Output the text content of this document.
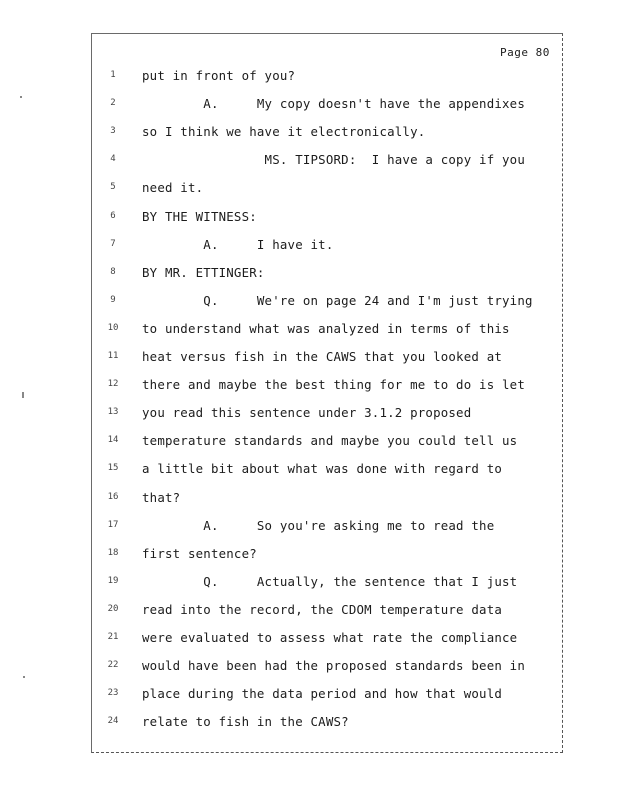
Page 80
1	put in front of you?
2	A.     My copy doesn't have the appendixes
3	so I think we have it electronically.
4	MS. TIPSORD:  I have a copy if you
5	need it.
6	BY THE WITNESS:
7	A.     I have it.
8	BY MR. ETTINGER:
9	Q.     We're on page 24 and I'm just trying
10	to understand what was analyzed in terms of this
11	heat versus fish in the CAWS that you looked at
12	there and maybe the best thing for me to do is let
13	you read this sentence under 3.1.2 proposed
14	temperature standards and maybe you could tell us
15	a little bit about what was done with regard to
16	that?
17	A.     So you're asking me to read the
18	first sentence?
19	Q.     Actually, the sentence that I just
20	read into the record, the CDOM temperature data
21	were evaluated to assess what rate the compliance
22	would have been had the proposed standards been in
23	place during the data period and how that would
24	relate to fish in the CAWS?
